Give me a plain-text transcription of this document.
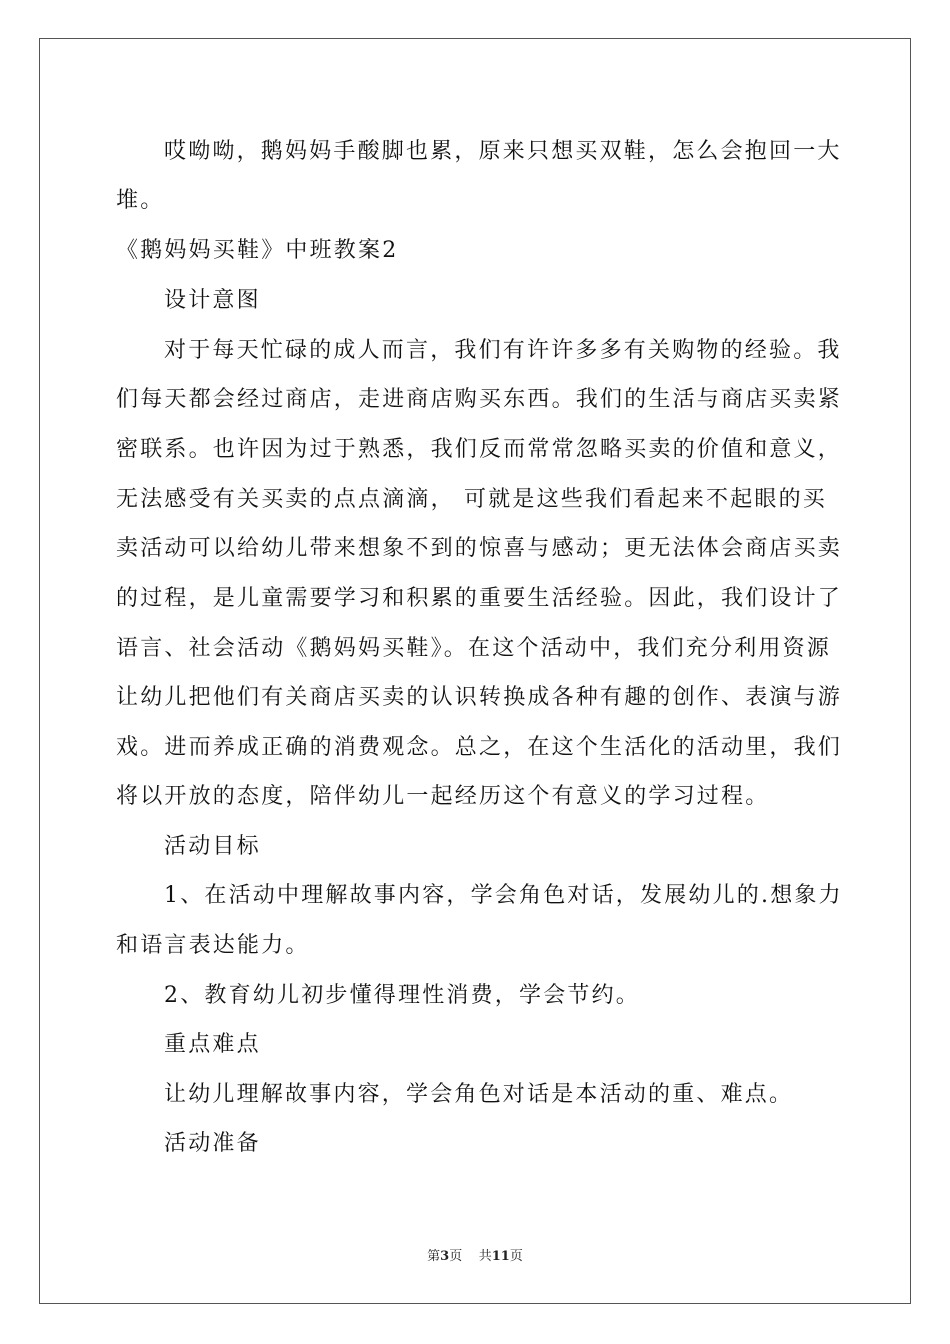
哎呦呦，鹅妈妈手酸脚也累，原来只想买双鞋，怎么会抱回一大
堆。
《鹅妈妈买鞋》中班教案2
设计意图
对于每天忙碌的成人而言，我们有许许多多有关购物的经验。我
们每天都会经过商店，走进商店购买东西。我们的生活与商店买卖紧
密联系。也许因为过于熟悉，我们反而常常忽略买卖的价值和意义，
无法感受有关买卖的点点滴滴， 可就是这些我们看起来不起眼的买
卖活动可以给幼儿带来想象不到的惊喜与感动；更无法体会商店买卖
的过程，是儿童需要学习和积累的重要生活经验。因此，我们设计了
语言、社会活动《鹅妈妈买鞋》。在这个活动中，我们充分利用资源
让幼儿把他们有关商店买卖的认识转换成各种有趣的创作、表演与游
戏。进而养成正确的消费观念。总之，在这个生活化的活动里，我们
将以开放的态度，陪伴幼儿一起经历这个有意义的学习过程。
活动目标
1、在活动中理解故事内容，学会角色对话，发展幼儿的.想象力
和语言表达能力。
2、教育幼儿初步懂得理性消费，学会节约。
重点难点
让幼儿理解故事内容，学会角色对话是本活动的重、难点。
活动准备
第3页 共11页
